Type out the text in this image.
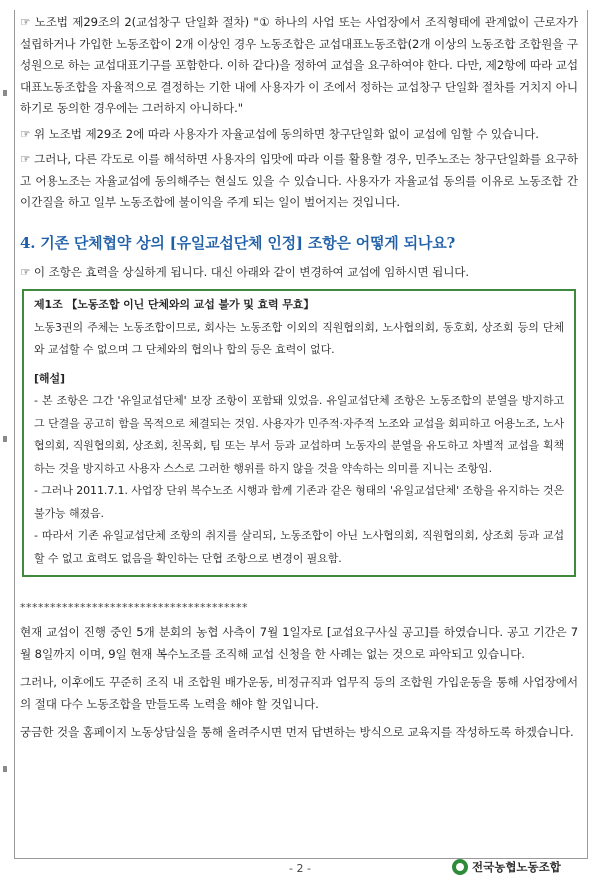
☞ 노조법 제29조의 2(교섭창구 단일화 절차) "① 하나의 사업 또는 사업장에서 조직형태에 관계없이 근로자가 설립하거나 가입한 노동조합이 2개 이상인 경우 노동조합은 교섭대표노동조합(2개 이상의 노동조합 조합원을 구성원으로 하는 교섭대표기구를 포함한다. 이하 같다)을 정하여 교섭을 요구하여야 한다. 다만, 제2항에 따라 교섭대표노동조합을 자율적으로 결정하는 기한 내에 사용자가 이 조에서 정하는 교섭창구 단일화 절차를 거치지 아니하기로 동의한 경우에는 그러하지 아니하다."

☞ 위 노조법 제29조 2에 따라 사용자가 자율교섭에 동의하면 창구단일화 없이 교섭에 임할 수 있습니다.

☞ 그러나, 다른 각도로 이를 해석하면 사용자의 입맛에 따라 이를 활용할 경우, 민주노조는 창구단일화를 요구하고 어용노조는 자율교섭에 동의해주는 현실도 있을 수 있습니다. 사용자가 자율교섭 동의를 이유로 노동조합 간 이간질을 하고 일부 노동조합에 불이익을 주게 되는 일이 벌어지는 것입니다.

4. 기존 단체협약 상의 [유일교섭단체 인정] 조항은 어떻게 되나요?

☞ 이 조항은 효력을 상실하게 됩니다. 대신 아래와 같이 변경하여 교섭에 임하시면 됩니다.

제1조 【노동조합 이닌 단체와의 교섭 불가 및 효력 무효】

노동3권의 주체는 노동조합이므로, 회사는 노동조합 이외의 직원협의회, 노사협의회, 동호회, 상조회 등의 단체와 교섭할 수 없으며 그 단체와의 협의나 합의 등은 효력이 없다.

[해설]

- 본 조항은 그간 '유일교섭단체' 보장 조항이 포함돼 있었음. 유일교섭단체 조항은 노동조합의 분열을 방지하고 그 단결을 공고히 함을 목적으로 체결되는 것임. 사용자가 민주적·자주적 노조와 교섭을 회피하고 어용노조, 노사협의회, 직원협의회, 상조회, 친목회, 팀 또는 부서 등과 교섭하며 노동자의 분열을 유도하고 차별적 교섭을 획책하는 것을 방지하고 사용자 스스로 그러한 행위를 하지 않을 것을 약속하는 의미를 지니는 조항임.

- 그러나 2011.7.1. 사업장 단위 복수노조 시행과 함께 기존과 같은 형태의 '유일교섭단체' 조항을 유지하는 것은 불가능 해졌음.

- 따라서 기존 유일교섭단체 조항의 취지를 살리되, 노동조합이 아닌 노사협의회, 직원협의회, 상조회 등과 교섭할 수 없고 효력도 없음을 확인하는 단협 조항으로 변경이 필요함.

**************************************

현재 교섭이 진행 중인 5개 분회의 농협 사측이 7월 1일자로 [교섭요구사실 공고]를 하였습니다. 공고 기간은 7월 8일까지 이며, 9일 현재 복수노조를 조직해 교섭 신청을 한 사례는 없는 것으로 파악되고 있습니다.

그러나, 이후에도 꾸준히 조직 내 조합원 배가운동, 비정규직과 업무직 등의 조합원 가입운동을 통해 사업장에서의 절대 다수 노동조합을 만들도록 노력을 해야 할 것입니다.

궁금한 것을 홈페이지 노동상담실을 통해 올려주시면 먼저 답변하는 방식으로 교육지를 작성하도록 하겠습니다.

- 2 -	전국농협노동조합
